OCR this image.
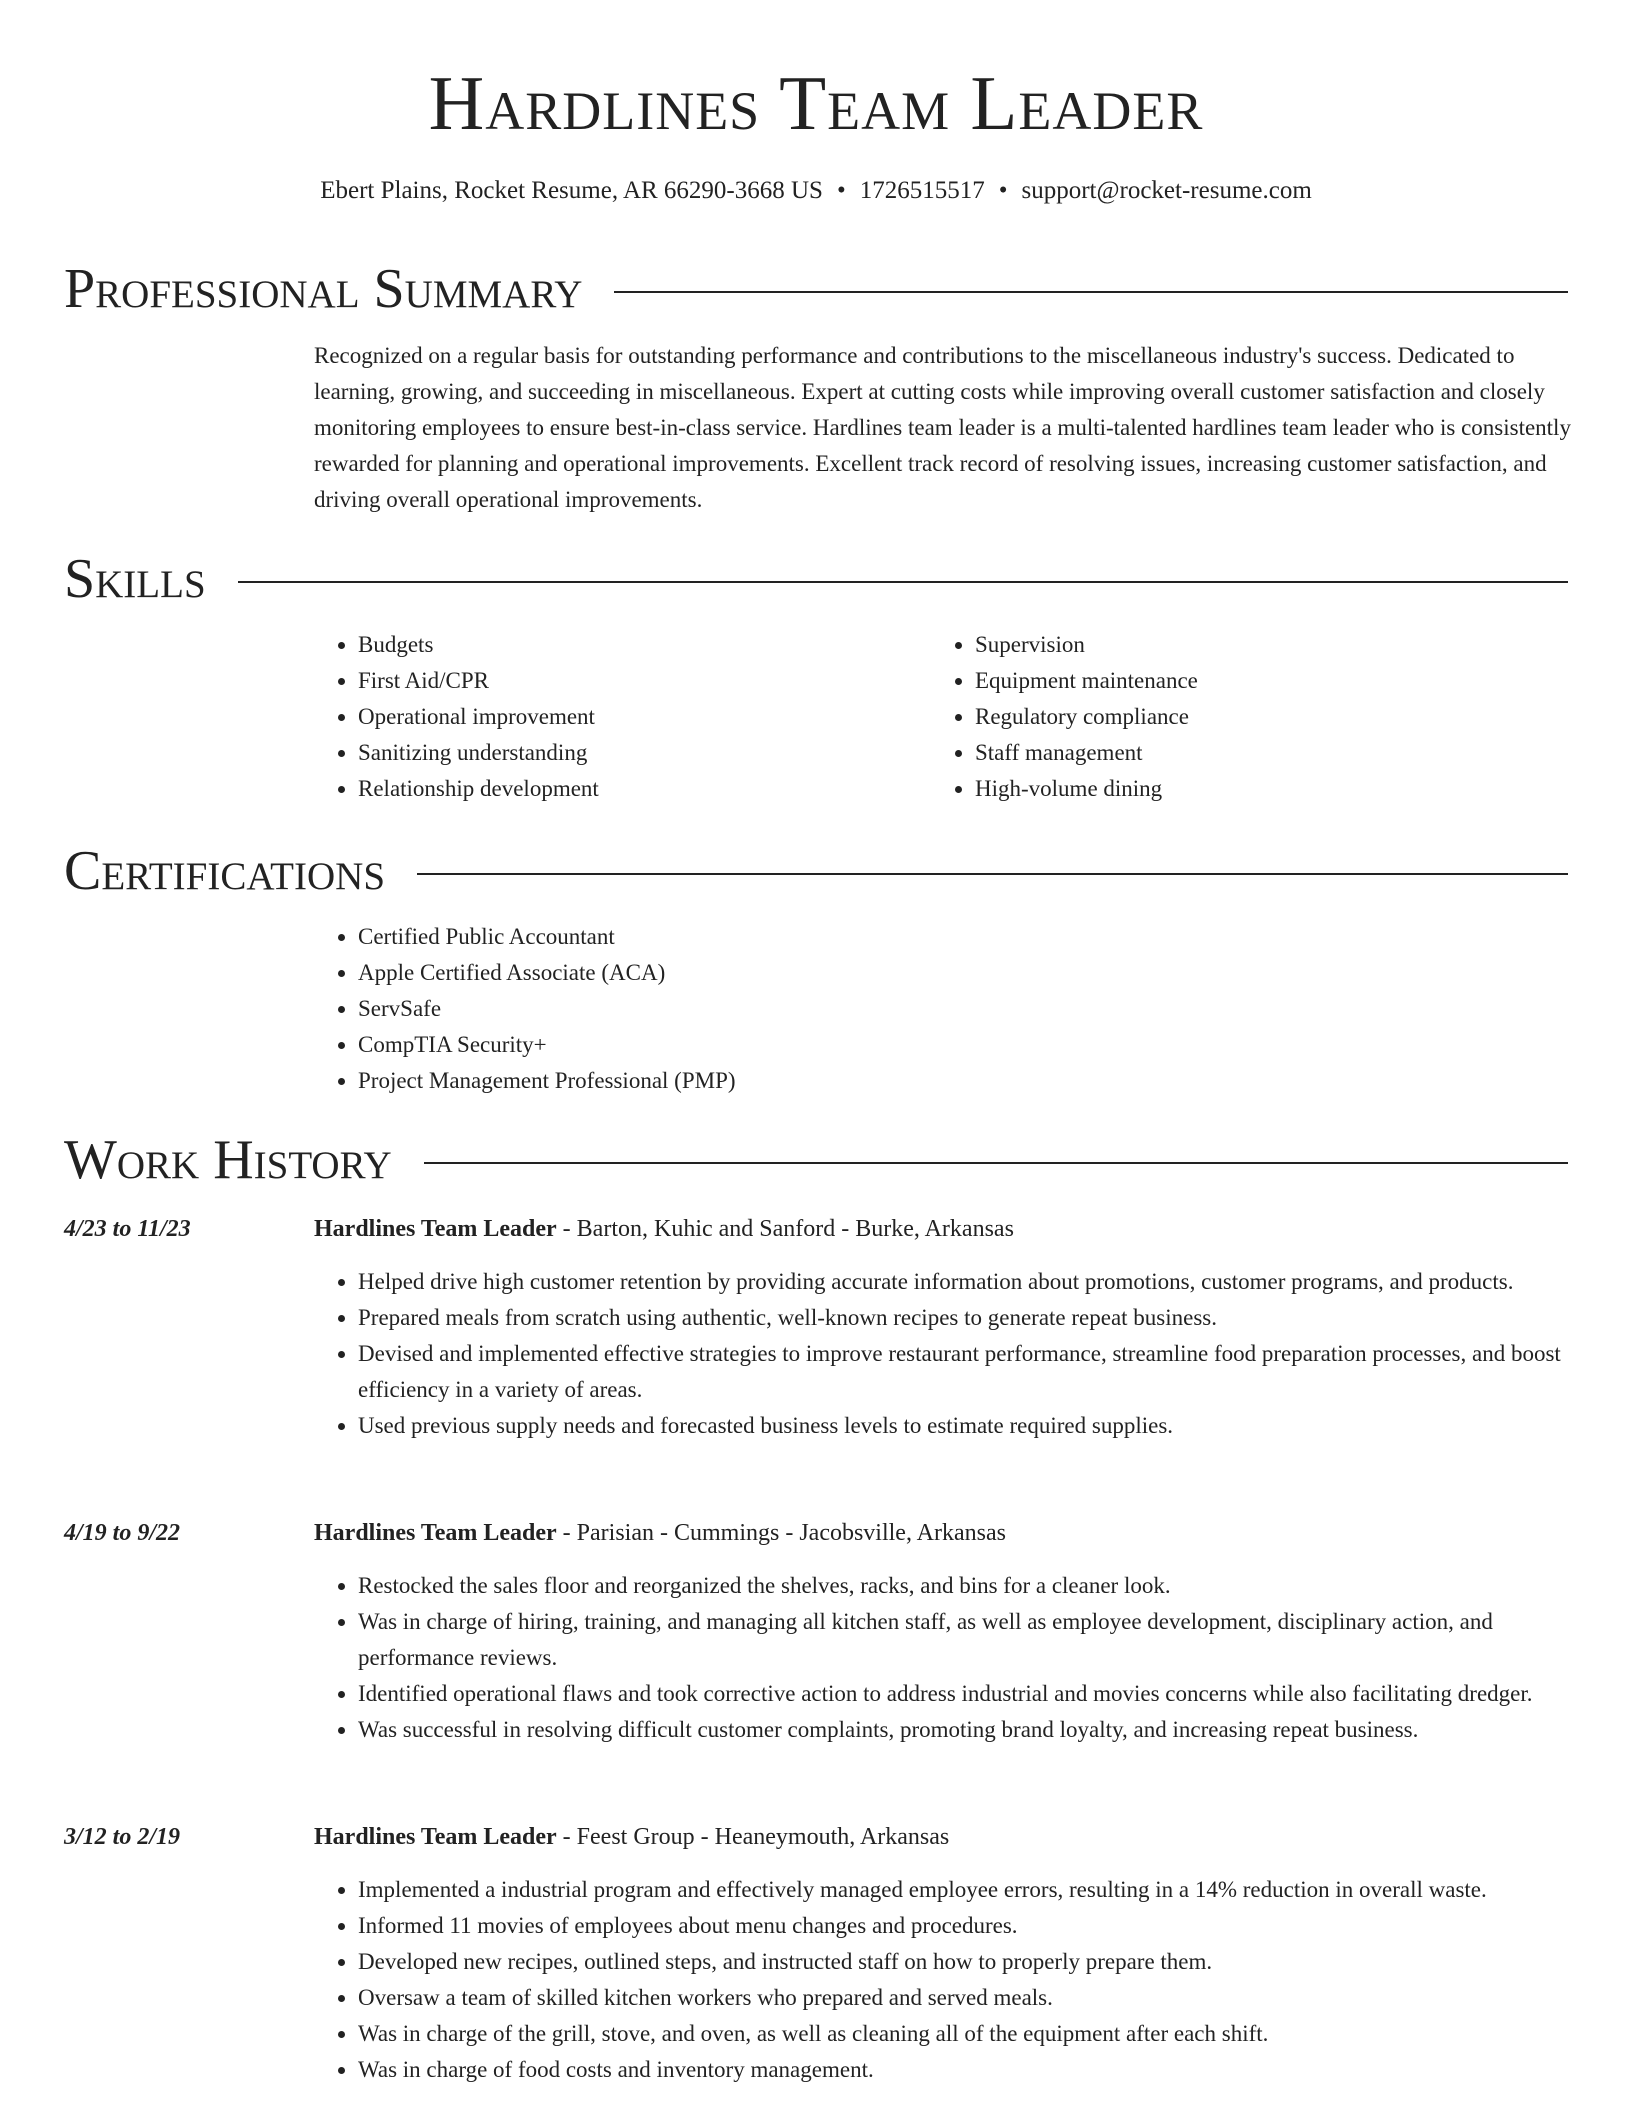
Hardlines Team Leader
Ebert Plains, Rocket Resume, AR 66290-3668 US • 1726515517 • support@rocket-resume.com
Professional Summary

Recognized on a regular basis for outstanding performance and contributions to the miscellaneous industry's success. Dedicated to learning, growing, and succeeding in miscellaneous. Expert at cutting costs while improving overall customer satisfaction and closely monitoring employees to ensure best-in-class service. Hardlines team leader is a multi-talented hardlines team leader who is consistently rewarded for planning and operational improvements. Excellent track record of resolving issues, increasing customer satisfaction, and driving overall operational improvements.

Skills
• Budgets
• First Aid/CPR
• Operational improvement
• Sanitizing understanding
• Relationship development
• Supervision
• Equipment maintenance
• Regulatory compliance
• Staff management
• High-volume dining
Certifications
• Certified Public Accountant
• Apple Certified Associate (ACA)
• ServSafe
• CompTIA Security+
• Project Management Professional (PMP)
Work History
4/23 to 11/23	Hardlines Team Leader - Barton, Kuhic and Sanford - Burke, Arkansas
• Helped drive high customer retention by providing accurate information about promotions, customer programs, and products.
• Prepared meals from scratch using authentic, well-known recipes to generate repeat business.
• Devised and implemented effective strategies to improve restaurant performance, streamline food preparation processes, and boost efficiency in a variety of areas.
• Used previous supply needs and forecasted business levels to estimate required supplies.
4/19 to 9/22	Hardlines Team Leader - Parisian - Cummings - Jacobsville, Arkansas
• Restocked the sales floor and reorganized the shelves, racks, and bins for a cleaner look.
• Was in charge of hiring, training, and managing all kitchen staff, as well as employee development, disciplinary action, and performance reviews.
• Identified operational flaws and took corrective action to address industrial and movies concerns while also facilitating dredger.
• Was successful in resolving difficult customer complaints, promoting brand loyalty, and increasing repeat business.
3/12 to 2/19	Hardlines Team Leader - Feest Group - Heaneymouth, Arkansas
• Implemented a industrial program and effectively managed employee errors, resulting in a 14% reduction in overall waste.
• Informed 11 movies of employees about menu changes and procedures.
• Developed new recipes, outlined steps, and instructed staff on how to properly prepare them.
• Oversaw a team of skilled kitchen workers who prepared and served meals.
• Was in charge of the grill, stove, and oven, as well as cleaning all of the equipment after each shift.
• Was in charge of food costs and inventory management.
